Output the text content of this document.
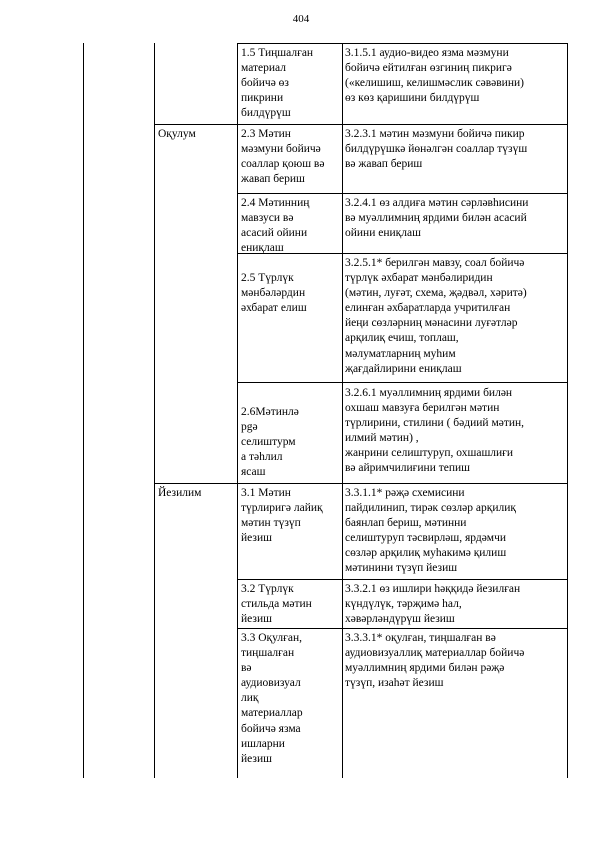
404
Оқулум
Йезилим
1.5 Тиңшалған
материал
бойичә өз
пикрини
билдүрүш
3.1.5.1 аудио-видео язма мәзмуни
бойичә ейтилған өзгиниң пикригә
(«келишиш, келишмәслик сәвәвини)
өз көз қаришини билдүрүш
2.3 Мәтин
мәзмуни бойичә
соаллар қоюш вә
жавап бериш
3.2.3.1 мәтин мәзмуни бойичә пикир
билдүрүшкә йөнәлгән соаллар түзүш
вә жавап бериш
2.4 Мәтинниң
мавзуси вә
асасий ойини
ениқлаш
3.2.4.1 өз алдиға мәтин сәрләвһисини
вә муәллимниң ярдими билән асасий
ойини ениқлаш
2.5 Түрлүк
мәнбәләрдин
әхбарат елиш
3.2.5.1* берилгән мавзу, соал бойичә
түрлүк әхбарат мәнбәлиридин
(мәтин, луғәт, схема, җәдвәл, хәритә)
елинған әхбаратларда учритилған
йеңи сөзләрниң мәнасини луғәтләр
арқилиқ ечиш, топлаш,
мәлуматларниң муһим
җағдайлирини ениқлаш
2.6Мәтинлә
рgә
селиштурм
а тәһлил
ясаш
3.2.6.1 муәллимниң ярдими билән
охшаш мавзуға берилгән мәтин
түрлирини, стилини ( бәдиий мәтин,
илмий мәтин) ,
жанрини селиштуруп, охшашлиғи
вә айримчилиғини тепиш
3.1 Мәтин
түрлиригә лайиқ
мәтин түзүп
йезиш
3.3.1.1* рәҗә схемисини
пайдилинип, тирәк сөзләр арқилиқ
баянлап бериш, мәтинни
селиштуруп тәсвирләш, ярдәмчи
сөзләр арқилиқ муһакимә қилиш
мәтинини түзүп йезиш
3.2 Түрлүк
стильда мәтин
йезиш
3.3.2.1 өз ишлири һәққидә йезилған
күндүлүк, тәрҗимә һал,
хәвәрләндүрүш йезиш
3.3 Оқулған,
тиңшалған
вә
аудиовизуал
лиқ
материаллар
бойичә язма
ишларни
йезиш
3.3.3.1* оқулған, тиңшалған вә
аудиовизуаллиқ материаллар бойичә
муәллимниң ярдими билән рәҗә
түзүп, изаһәт йезиш
